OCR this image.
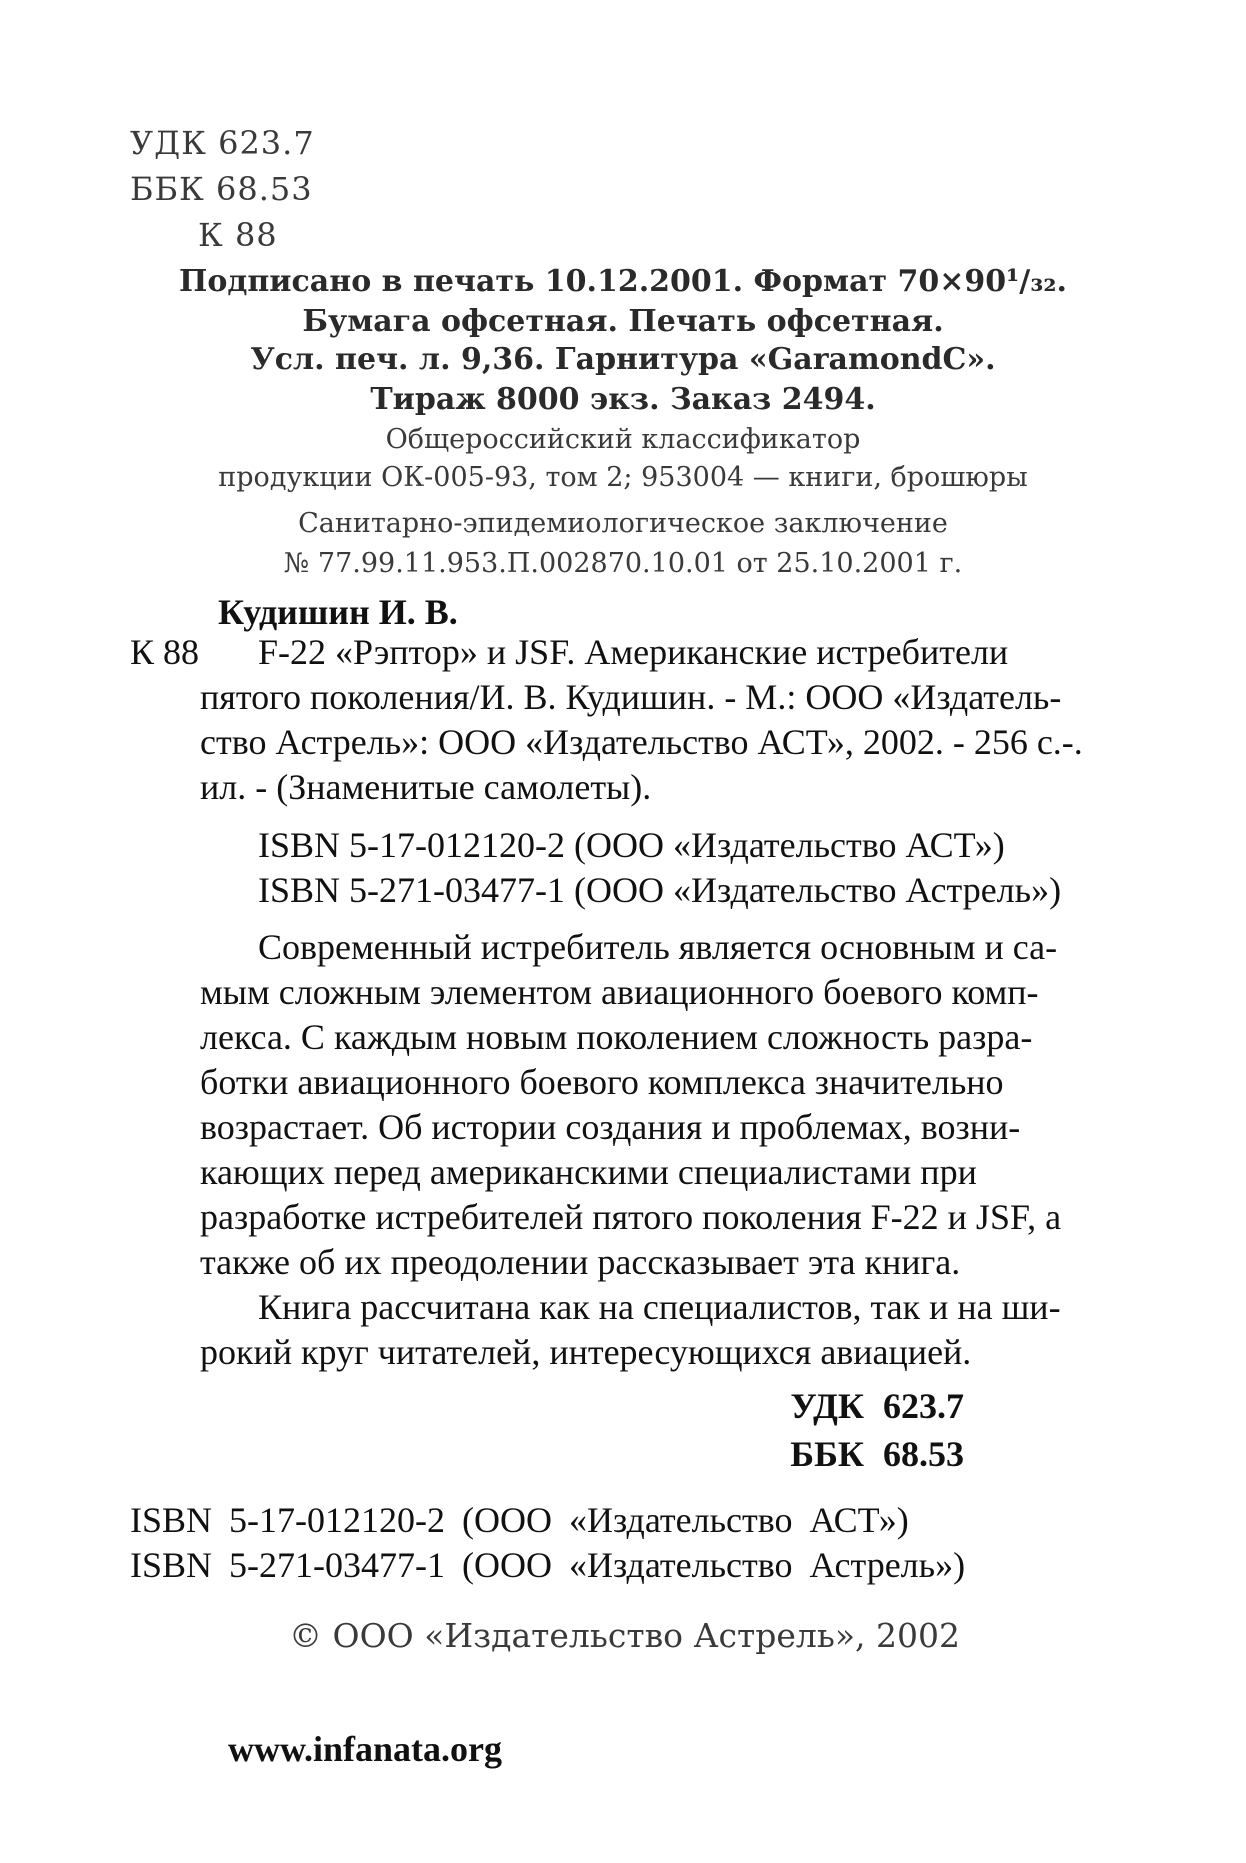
УДК 623.7
ББК 68.53
К 88
Подписано в печать 10.12.2001. Формат 70×90¹/₃₂.
Бумага офсетная. Печать офсетная.
Усл. печ. л. 9,36. Гарнитура «GaramondC».
Тираж 8000 экз. Заказ 2494.
Общероссийский классификатор
продукции ОК-005-93, том 2; 953004 — книги, брошюры
Санитарно-эпидемиологическое заключение
№ 77.99.11.953.П.002870.10.01 от 25.10.2001 г.
Кудишин И. В.
К 88 F-22 «Рэптор» и JSF. Американские истребители
пятого поколения/И. В. Кудишин. - М.: ООО «Издатель-
ство Астрель»: ООО «Издательство АСТ», 2002. - 256 с.-.
ил. - (Знаменитые самолеты).
ISBN 5-17-012120-2 (ООО «Издательство АСТ»)
ISBN 5-271-03477-1 (ООО «Издательство Астрель»)
Современный истребитель является основным и са-
мым сложным элементом авиационного боевого комп-
лекса. С каждым новым поколением сложность разра-
ботки авиационного боевого комплекса значительно
возрастает. Об истории создания и проблемах, возни-
кающих перед американскими специалистами при
разработке истребителей пятого поколения F-22 и JSF, а
также об их преодолении рассказывает эта книга.
Книга рассчитана как на специалистов, так и на ши-
рокий круг читателей, интересующихся авиацией.
УДК 623.7
ББК 68.53
ISBN 5-17-012120-2 (ООО «Издательство АСТ»)
ISBN 5-271-03477-1 (ООО «Издательство Астрель»)
© ООО «Издательство Астрель», 2002
www.infanata.org
